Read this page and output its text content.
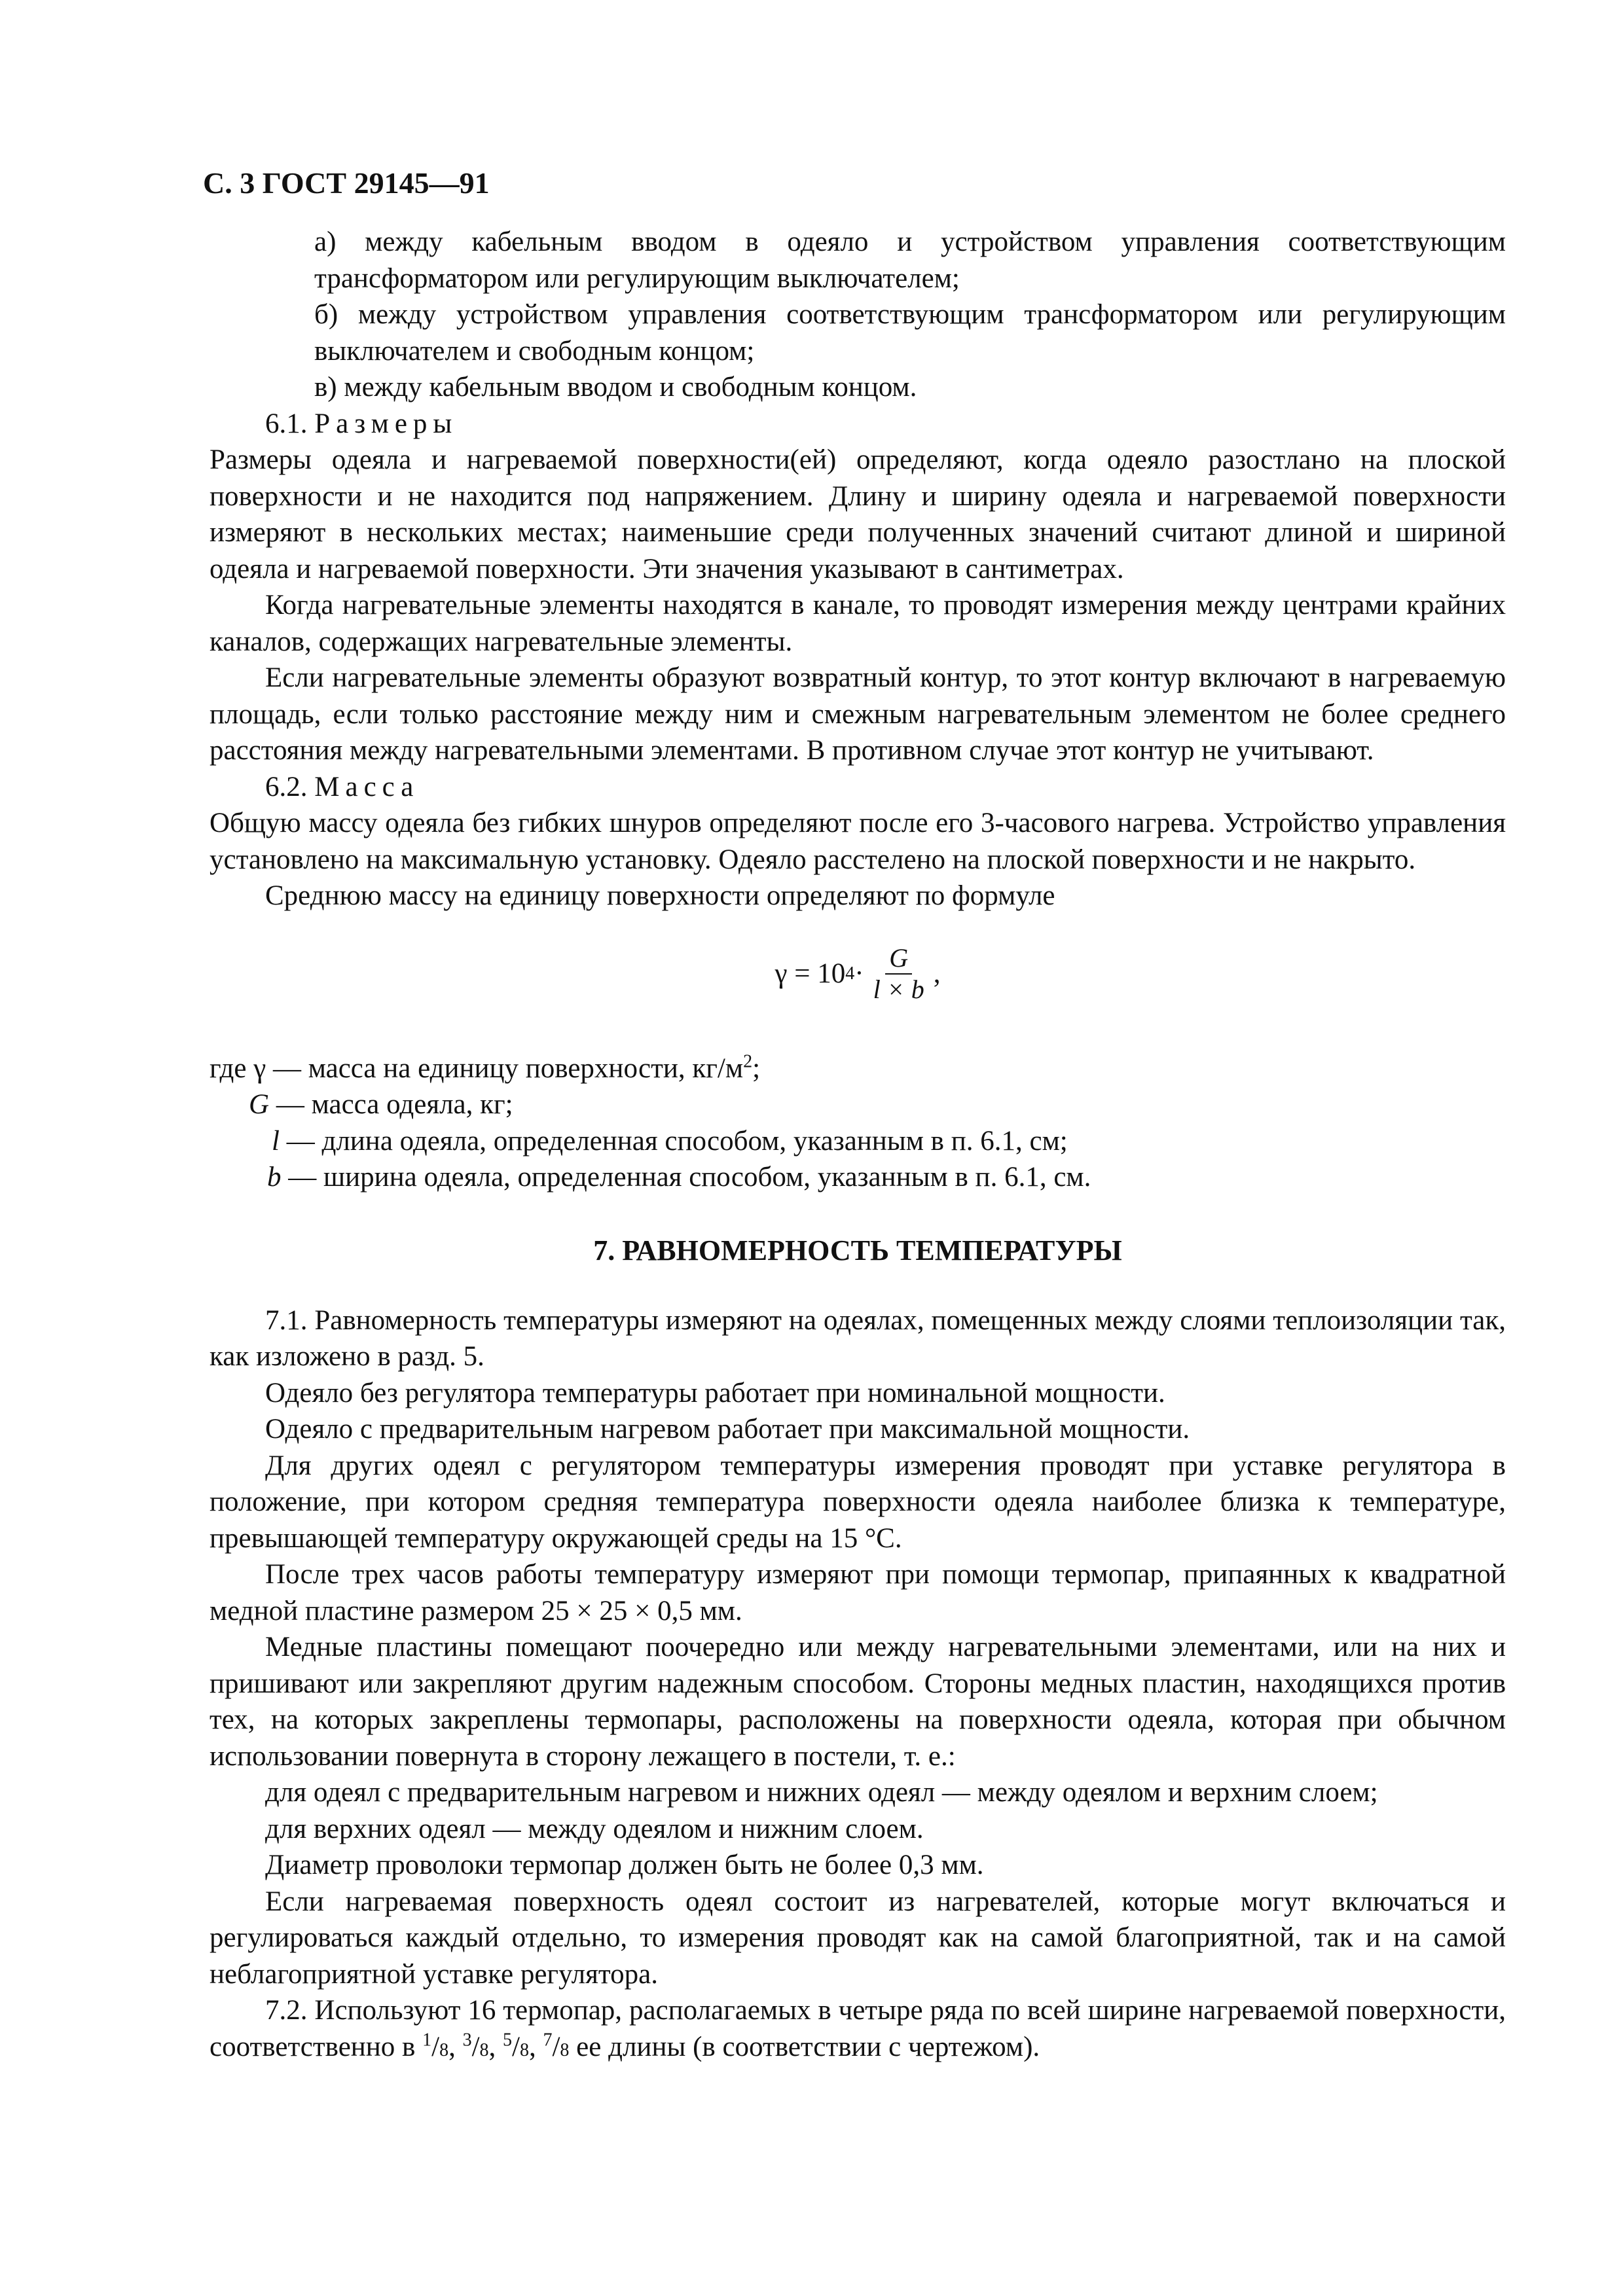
С. 3 ГОСТ 29145—91

а) между кабельным вводом в одеяло и устройством управления соответствующим трансформатором или регулирующим выключателем;

б) между устройством управления соответствующим трансформатором или регулирующим выключателем и свободным концом;

в) между кабельным вводом и свободным концом.

6.1. Размеры

Размеры одеяла и нагреваемой поверхности(ей) определяют, когда одеяло разостлано на плоской поверхности и не находится под напряжением. Длину и ширину одеяла и нагреваемой поверхности измеряют в нескольких местах; наименьшие среди полученных значений считают длиной и шириной одеяла и нагреваемой поверхности. Эти значения указывают в сантиметрах.

Когда нагревательные элементы находятся в канале, то проводят измерения между центрами крайних каналов, содержащих нагревательные элементы.

Если нагревательные элементы образуют возвратный контур, то этот контур включают в нагреваемую площадь, если только расстояние между ним и смежным нагревательным элементом не более среднего расстояния между нагревательными элементами. В противном случае этот контур не учитывают.

6.2. Масса

Общую массу одеяла без гибких шнуров определяют после его 3-часового нагрева. Устройство управления установлено на максимальную установку. Одеяло расстелено на плоской поверхности и не накрыто.

Среднюю массу на единицу поверхности определяют по формуле

γ = 10 $4 \cdot \frac{G}{l \times b}$ ,

где γ — масса на единицу поверхности, $кг/м^2$;

G — масса одеяла, кг;

l — длина одеяла, определенная способом, указанным в п. 6.1, см;

b — ширина одеяла, определенная способом, указанным в п. 6.1, см.

7. РАВНОМЕРНОСТЬ ТЕМПЕРАТУРЫ

7.1. Равномерность температуры измеряют на одеялах, помещенных между слоями теплоизоляции так, как изложено в разд. 5.

Одеяло без регулятора температуры работает при номинальной мощности.

Одеяло с предварительным нагревом работает при максимальной мощности.

Для других одеял с регулятором температуры измерения проводят при уставке регулятора в положение, при котором средняя температура поверхности одеяла наиболее близка к температуре, превышающей температуру окружающей среды на 15 °С.

После трех часов работы температуру измеряют при помощи термопар, припаянных к квадратной медной пластине размером 25 × 25 × 0,5 мм.

Медные пластины помещают поочередно или между нагревательными элементами, или на них и пришивают или закрепляют другим надежным способом. Стороны медных пластин, находящихся против тех, на которых закреплены термопары, расположены на поверхности одеяла, которая при обычном использовании повернута в сторону лежащего в постели, т. е.:

для одеял с предварительным нагревом и нижних одеял — между одеялом и верхним слоем;

для верхних одеял — между одеялом и нижним слоем.

Диаметр проволоки термопар должен быть не более 0,3 мм.

Если нагреваемая поверхность одеял состоит из нагревателей, которые могут включаться и регулироваться каждый отдельно, то измерения проводят как на самой благоприятной, так и на самой неблагоприятной уставке регулятора.

7.2. Используют 16 термопар, располагаемых в четыре ряда по всей ширине нагреваемой поверхности, соответственно в $^1$/8, $^3$/8, $^5$/8, $^7$/8 ее длины (в соответствии с чертежом).
